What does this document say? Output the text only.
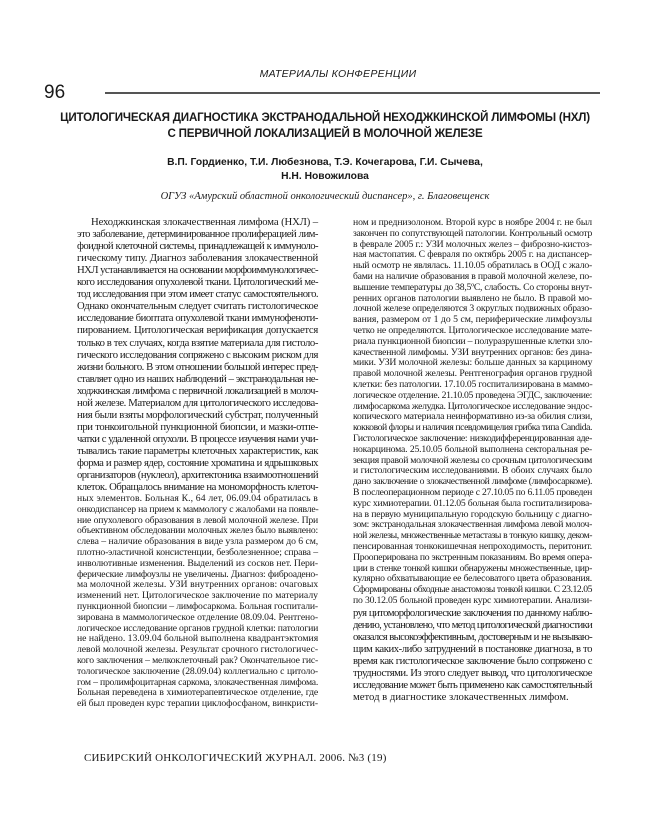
МАТЕРИАЛЫ КОНФЕРЕНЦИИ
96
ЦИТОЛОГИЧЕСКАЯ ДИАГНОСТИКА ЭКСТРАНОДАЛЬНОЙ НЕХОДЖКИНСКОЙ ЛИМФОМЫ (НХЛ)
С ПЕРВИЧНОЙ ЛОКАЛИЗАЦИЕЙ В МОЛОЧНОЙ ЖЕЛЕЗЕ
В.П. Гордиенко, Т.И. Любезнова, Т.Э. Кочегарова, Г.И. Сычева,
Н.Н. Новожилова
ОГУЗ «Амурский областной онкологический диспансер», г. Благовещенск
Неходжкинская злокачественная лимфома (НХЛ) –
это заболевание, детерминированное пролиферацией лим-
фоидной клеточной системы, принадлежащей к иммуноло-
гическому типу. Диагноз заболевания злокачественной
НХЛ устанавливается на основании морфоиммунологичес-
кого исследования опухолевой ткани. Цитологический ме-
тод исследования при этом имеет статус самостоятельного.
Однако окончательным следует считать гистологическое
исследование биоптата опухолевой ткани иммунофеноти-
пированием. Цитологическая верификация допускается
только в тех случаях, когда взятие материала для гистоло-
гического исследования сопряжено с высоким риском для
жизни больного. В этом отношении большой интерес пред-
ставляет одно из наших наблюдений – экстранодальная не-
ходжкинская лимфома с первичной локализацией в молоч-
ной железе. Материалом для цитологического исследова-
ния были взяты морфологический субстрат, полученный
при тонкоигольной пункционной биопсии, и мазки-отпе-
чатки с удаленной опухоли. В процессе изучения нами учи-
тывались такие параметры клеточных характеристик, как
форма и размер ядер, состояние хроматина и ядрышковых
организаторов (нуклеол), архитектоника взаимоотношений
клеток. Обращалось внимание на мономорфность клеточ-
ных элементов. Больная К., 64 лет, 06.09.04 обратилась в
онкодиспансер на прием к маммологу с жалобами на появле-
ние опухолевого образования в левой молочной железе. При
объективном обследовании молочных желез было выявлено:
слева – наличие образования в виде узла размером до 6 см,
плотно-эластичной консистенции, безболезненное; справа –
инволютивные изменения. Выделений из сосков нет. Пери-
ферические лимфоузлы не увеличены. Диагноз: фиброадено-
ма молочной железы. УЗИ внутренних органов: очаговых
изменений нет. Цитологическое заключение по материалу
пункционной биопсии – лимфосаркома. Больная госпитали-
зирована в маммологическое отделение 08.09.04. Рентгено-
логическое исследование органов грудной клетки: патологии
не найдено. 13.09.04 больной выполнена квадрантэктомия
левой молочной железы. Результат срочного гистологичес-
кого заключения – мелкоклеточный рак? Окончательное гис-
тологическое заключение (28.09.04) коллегиально с цитоло-
гом – пролимфоцитарная саркома, злокачественная лимфома.
Больная переведена в химиотерапевтическое отделение, где
ей был проведен курс терапии циклофосфаном, винкристи-
ном и преднизолоном. Второй курс в ноябре 2004 г. не был
закончен по сопутствующей патологии. Контрольный осмотр
в феврале 2005 г.: УЗИ молочных желез – фиброзно-кистоз-
ная мастопатия. С февраля по октябрь 2005 г. на диспансер-
ный осмотр не являлась. 11.10.05 обратилась в ООД с жало-
бами на наличие образования в правой молочной железе, по-
вышение температуры до 38,5ºС, слабость. Со стороны внут-
ренних органов патологии выявлено не было. В правой мо-
лочной железе определяются 3 округлых подвижных образо-
вания, размером от 1 до 5 см, периферические лимфоузлы
четко не определяются. Цитологическое исследование мате-
риала пункционной биопсии – полуразрушенные клетки зло-
качественной лимфомы. УЗИ внутренних органов: без дина-
мики. УЗИ молочной железы: больше данных за карциному
правой молочной железы. Рентгенография органов грудной
клетки: без патологии. 17.10.05 госпитализирована в маммо-
логическое отделение. 21.10.05 проведена ЭГДС, заключение:
лимфосаркома желудка. Цитологическое исследование эндос-
копического материала неинформативно из-за обилия слизи,
кокковой флоры и наличия псевдомицелия грибка типа Candida.
Гистологическое заключение: низкодифференцированная аде-
нокарцинома. 25.10.05 больной выполнена секторальная ре-
зекция правой молочной железы со срочным цитологическим
и гистологическим исследованиями. В обоих случаях было
дано заключение о злокачественной лимфоме (лимфосаркоме).
В послеоперационном периоде с 27.10.05 по 6.11.05 проведен
курс химиотерапии. 01.12.05 больная была госпитализирова-
на в первую муниципальную городскую больницу с диагно-
зом: экстранодальная злокачественная лимфома левой молоч-
ной железы, множественные метастазы в тонкую кишку, деком-
пенсированная тонкокишечная непроходимость, перитонит.
Прооперирована по экстренным показаниям. Во время опера-
ции в стенке тонкой кишки обнаружены множественные, цир-
кулярно обхватывающие ее белесоватого цвета образования.
Сформированы обходные анастомозы тонкой кишки. С 23.12.05
по 30.12.05 больной проведен курс химиотерапии. Анализи-
руя цитоморфологические заключения по данному наблю-
дению, установлено, что метод цитологической диагностики
оказался высокоэффективным, достоверным и не вызываю-
щим каких-либо затруднений в постановке диагноза, в то
время как гистологическое заключение было сопряжено с
трудностями. Из этого следует вывод, что цитологическое
исследование может быть применено как самостоятельный
метод в диагностике злокачественных лимфом.
СИБИРСКИЙ ОНКОЛОГИЧЕСКИЙ ЖУРНАЛ. 2006. №3 (19)
